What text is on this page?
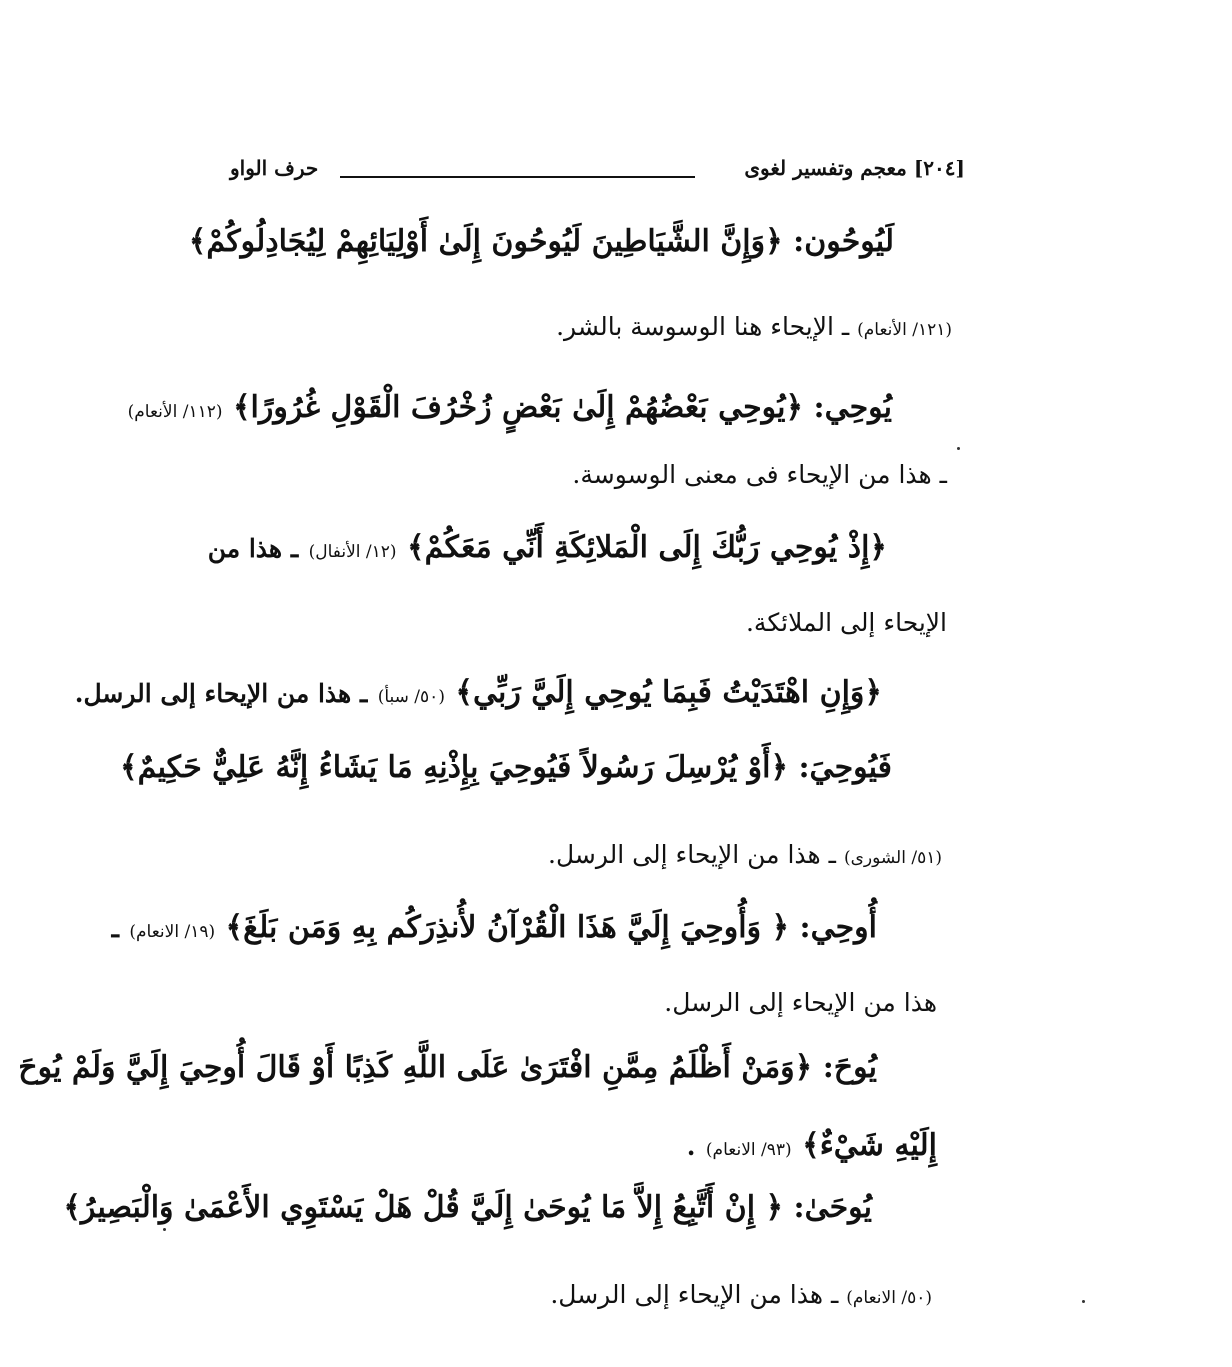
[٢٠٤] معجم وتفسير لغوى
حرف الواو
لَيُوحُون: ﴿وَإِنَّ الشَّيَاطِينَ لَيُوحُونَ إِلَىٰ أَوْلِيَائِهِمْ لِيُجَادِلُوكُمْ﴾
(١٢١/ الأنعام) ـ الإيحاء هنا الوسوسة بالشر.
يُوحِي: ﴿يُوحِي بَعْضُهُمْ إِلَىٰ بَعْضٍ زُخْرُفَ الْقَوْلِ غُرُورًا﴾ (١١٢/ الأنعام)
ـ هذا من الإيحاء فى معنى الوسوسة.
﴿إِذْ يُوحِي رَبُّكَ إِلَى الْمَلائِكَةِ أَنِّي مَعَكُمْ﴾ (١٢/ الأنفال) ـ هذا من
الإيحاء إلى الملائكة.
﴿وَإِنِ اهْتَدَيْتُ فَبِمَا يُوحِي إِلَيَّ رَبِّي﴾ (٥٠/ سبأ) ـ هذا من الإيحاء إلى الرسل.
فَيُوحِيَ: ﴿أَوْ يُرْسِلَ رَسُولاً فَيُوحِيَ بِإِذْنِهِ مَا يَشَاءُ إِنَّهُ عَلِيٌّ حَكِيمٌ﴾
(٥١/ الشورى) ـ هذا من الإيحاء إلى الرسل.
أُوحِي: ﴿ وَأُوحِيَ إِلَيَّ هَذَا الْقُرْآنُ لأُنذِرَكُم بِهِ وَمَن بَلَغَ﴾ (١٩/ الانعام) ـ
هذا من الإيحاء إلى الرسل.
يُوحَ: ﴿وَمَنْ أَظْلَمُ مِمَّنِ افْتَرَىٰ عَلَى اللَّهِ كَذِبًا أَوْ قَالَ أُوحِيَ إِلَيَّ وَلَمْ يُوحَ
إِلَيْهِ شَيْءٌ﴾ (٩٣/ الانعام) .
يُوحَىٰ: ﴿ إِنْ أَتَّبِعُ إِلاَّ مَا يُوحَىٰ إِلَيَّ قُلْ هَلْ يَسْتَوِي الأَعْمَىٰ وَالْبَصِيرُ﴾
(٥٠/ الانعام) ـ هذا من الإيحاء إلى الرسل.
